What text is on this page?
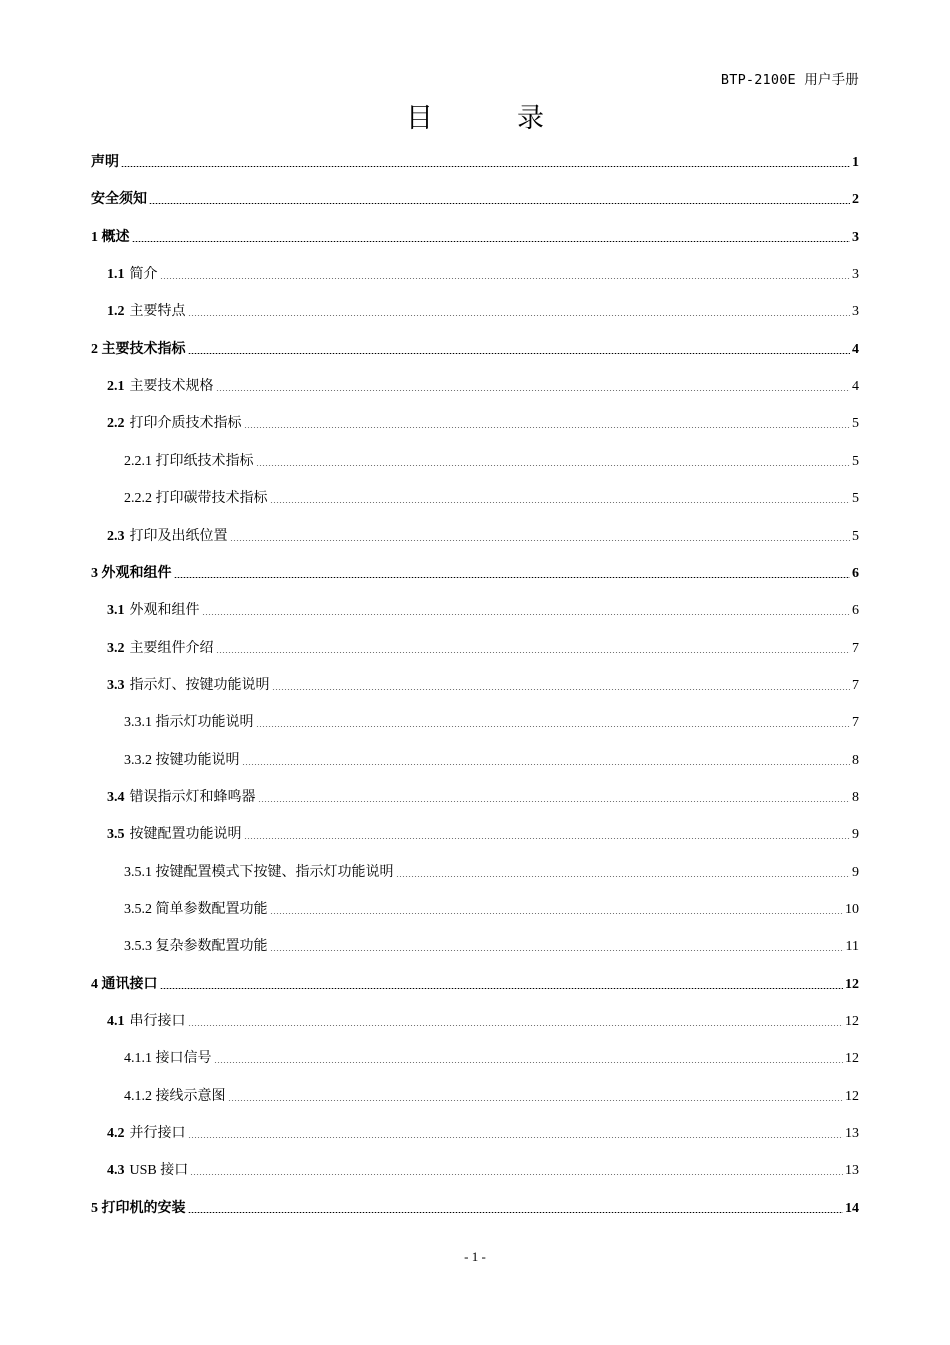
BTP-2100E 用户手册
目	录
声明	1
安全须知	2
1 概述	3
1.1 简介	3
1.2 主要特点	3
2 主要技术指标	4
2.1 主要技术规格	4
2.2 打印介质技术指标	5
2.2.1 打印纸技术指标	5
2.2.2 打印碳带技术指标	5
2.3 打印及出纸位置	5
3 外观和组件	6
3.1 外观和组件	6
3.2 主要组件介绍	7
3.3 指示灯、按键功能说明	7
3.3.1 指示灯功能说明	7
3.3.2 按键功能说明	8
3.4 错误指示灯和蜂鸣器	8
3.5 按键配置功能说明	9
3.5.1 按键配置模式下按键、指示灯功能说明	9
3.5.2 简单参数配置功能	10
3.5.3 复杂参数配置功能	11
4 通讯接口	12
4.1 串行接口	12
4.1.1 接口信号	12
4.1.2 接线示意图	12
4.2 并行接口	13
4.3 USB 接口	13
5 打印机的安装	14
- 1 -
